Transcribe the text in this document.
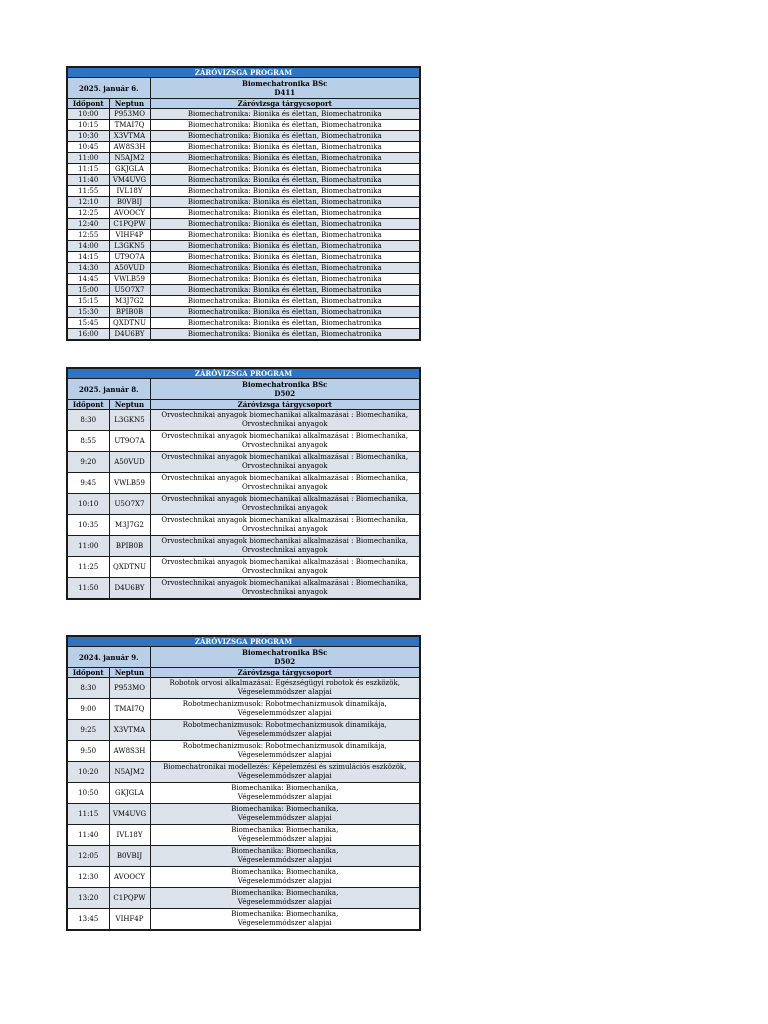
ZÁRÓVIZSGA PROGRAM		
2025. január 6.		Biomechatronika BSc
D411
Időpont	Neptun	Záróvizsga tárgycsoport
10:00	P953MO	Biomechatronika: Bionika és élettan, Biomechatronika
10:15	TMAI7Q	Biomechatronika: Bionika és élettan, Biomechatronika
10:30	X3VTMA	Biomechatronika: Bionika és élettan, Biomechatronika
10:45	AW8S3H	Biomechatronika: Bionika és élettan, Biomechatronika
11:00	N5AJM2	Biomechatronika: Bionika és élettan, Biomechatronika
11:15	GKJGLA	Biomechatronika: Bionika és élettan, Biomechatronika
11:40	VM4UVG	Biomechatronika: Bionika és élettan, Biomechatronika
11:55	IVL18Y	Biomechatronika: Bionika és élettan, Biomechatronika
12:10	B0VBIJ	Biomechatronika: Bionika és élettan, Biomechatronika
12:25	AVOOCY	Biomechatronika: Bionika és élettan, Biomechatronika
12:40	C1PQPW	Biomechatronika: Bionika és élettan, Biomechatronika
12:55	VIHF4P	Biomechatronika: Bionika és élettan, Biomechatronika
14:00	L3GKN5	Biomechatronika: Bionika és élettan, Biomechatronika
14:15	UT9O7A	Biomechatronika: Bionika és élettan, Biomechatronika
14:30	A50VUD	Biomechatronika: Bionika és élettan, Biomechatronika
14:45	VWLB59	Biomechatronika: Bionika és élettan, Biomechatronika
15:00	U5O7X7	Biomechatronika: Bionika és élettan, Biomechatronika
15:15	M3J7G2	Biomechatronika: Bionika és élettan, Biomechatronika
15:30	BPIB0B	Biomechatronika: Bionika és élettan, Biomechatronika
15:45	QXDTNU	Biomechatronika: Bionika és élettan, Biomechatronika
16:00	D4U6BY	Biomechatronika: Bionika és élettan, Biomechatronika
ZÁRÓVIZSGA PROGRAM		
2025. január 8.		Biomechatronika BSc
D502
Időpont	Neptun	Záróvizsga tárgycsoport
8:30	L3GKN5	Orvostechnikai anyagok biomechanikai alkalmazásai : Biomechanika,
Orvostechnikai anyagok
8:55	UT9O7A	Orvostechnikai anyagok biomechanikai alkalmazásai : Biomechanika,
Orvostechnikai anyagok
9:20	A50VUD	Orvostechnikai anyagok biomechanikai alkalmazásai : Biomechanika,
Orvostechnikai anyagok
9:45	VWLB59	Orvostechnikai anyagok biomechanikai alkalmazásai : Biomechanika,
Orvostechnikai anyagok
10:10	U5O7X7	Orvostechnikai anyagok biomechanikai alkalmazásai : Biomechanika,
Orvostechnikai anyagok
10:35	M3J7G2	Orvostechnikai anyagok biomechanikai alkalmazásai : Biomechanika,
Orvostechnikai anyagok
11:00	BPIB0B	Orvostechnikai anyagok biomechanikai alkalmazásai : Biomechanika,
Orvostechnikai anyagok
11:25	QXDTNU	Orvostechnikai anyagok biomechanikai alkalmazásai : Biomechanika,
Orvostechnikai anyagok
11:50	D4U6BY	Orvostechnikai anyagok biomechanikai alkalmazásai : Biomechanika,
Orvostechnikai anyagok
ZÁRÓVIZSGA PROGRAM		
2024. január 9.		Biomechatronika BSc
D502
Időpont	Neptun	Záróvizsga tárgycsoport
8:30	P953MO	Robotok orvosi alkalmazásai: Egészségügyi robotok és eszközök,
Végeselemmódszer alapjai
9:00	TMAI7Q	Robotmechanizmusok: Robotmechanizmusok dinamikája,
Végeselemmódszer alapjai
9:25	X3VTMA	Robotmechanizmusok: Robotmechanizmusok dinamikája,
Végeselemmódszer alapjai
9:50	AW8S3H	Robotmechanizmusok: Robotmechanizmusok dinamikája,
Végeselemmódszer alapjai
10:20	N5AJM2	Biomechatronikai modellezés: Képelemzési és szimulációs eszközök,
Végeselemmódszer alapjai
10:50	GKJGLA	Biomechanika: Biomechanika,
Végeselemmódszer alapjai
11:15	VM4UVG	Biomechanika: Biomechanika,
Végeselemmódszer alapjai
11:40	IVL18Y	Biomechanika: Biomechanika,
Végeselemmódszer alapjai
12:05	B0VBIJ	Biomechanika: Biomechanika,
Végeselemmódszer alapjai
12:30	AVOOCY	Biomechanika: Biomechanika,
Végeselemmódszer alapjai
13:20	C1PQPW	Biomechanika: Biomechanika,
Végeselemmódszer alapjai
13:45	VIHF4P	Biomechanika: Biomechanika,
Végeselemmódszer alapjai
